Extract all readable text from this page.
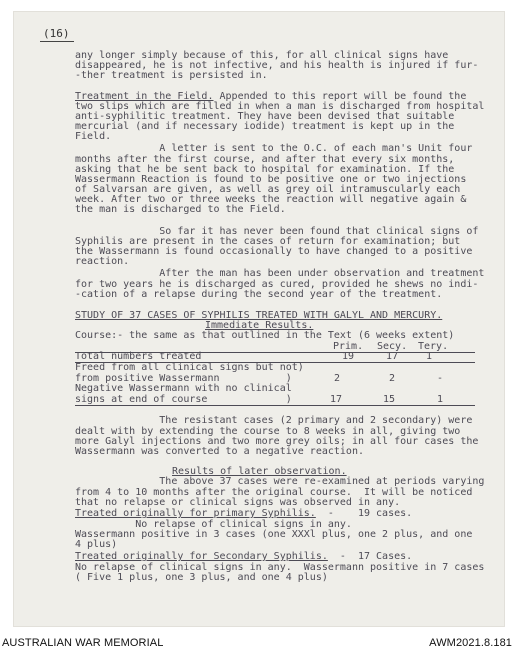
(16)
any longer simply because of this, for all clinical signs have
disappeared, he is not infective, and his health is injured if fur-
-ther treatment is persisted in.
Treatment in the Field. Appended to this report will be found the
two slips which are filled in when a man is discharged from hospital
anti-syphilitic treatment. They have been devised that suitable
mercurial (and if necessary iodide) treatment is kept up in the
Field.
A letter is sent to the O.C. of each man's Unit four
months after the first course, and after that every six months,
asking that he be sent back to hospital for examination. If the
Wassermann Reaction is found to be positive one or two injections
of Salvarsan are given, as well as grey oil intramuscularly each
week. After two or three weeks the reaction will negative again &
the man is discharged to the Field.
So far it has never been found that clinical signs of
Syphilis are present in the cases of return for examination; but
the Wassermann is found occasionally to have changed to a positive
reaction.
After the man has been under observation and treatment
for two years he is discharged as cured, provided he shews no indi-
-cation of a relapse during the second year of the treatment.
STUDY OF 37 CASES OF SYPHILIS TREATED WITH GALYL AND MERCURY.
Immediate Results.
Course:- the same as that outlined in the Text (6 weeks extent)
Prim. Secy. Tery.
Total numbers treated	19	17	1
Freed from all clinical signs but not)
from positive Wassermann           )	2	2	-
Negative Wassermann with no clinical
signs at end of course             )	17	15	1
The resistant cases (2 primary and 2 secondary) were
dealt with by extending the course to 8 weeks in all, giving two
more Galyl injections and two more grey oils; in all four cases the
Wassermann was converted to a negative reaction.
Results of later observation.
The above 37 cases were re-examined at periods varying
from 4 to 10 months after the original course.  It will be noticed
that no relapse or clinical signs was observed in any.
Treated originally for primary Syphilis.  -    19 cases.
No relapse of clinical signs in any.
Wassermann positive in 3 cases (one XXXl plus, one 2 plus, and one
4 plus)
Treated originally for Secondary Syphilis.  -  17 Cases.
No relapse of clinical signs in any.  Wassermann positive in 7 cases
( Five 1 plus, one 3 plus, and one 4 plus)
AUSTRALIAN WAR MEMORIAL	AWM2021.8.181
